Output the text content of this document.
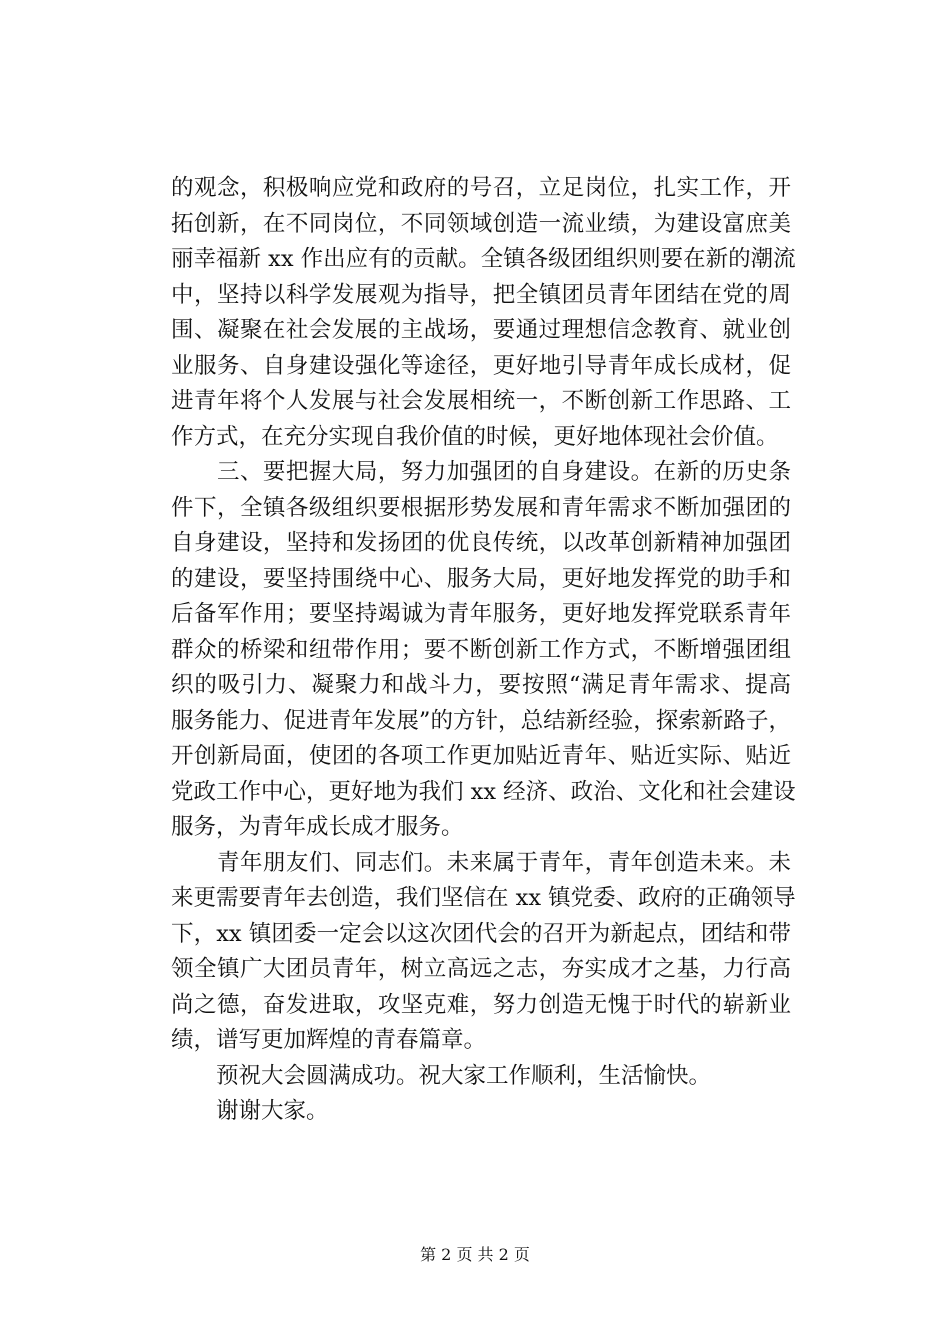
的观念，积极响应党和政府的号召，立足岗位，扎实工作，开
拓创新，在不同岗位，不同领域创造一流业绩，为建设富庶美
丽幸福新 xx 作出应有的贡献。全镇各级团组织则要在新的潮流
中，坚持以科学发展观为指导，把全镇团员青年团结在党的周
围、凝聚在社会发展的主战场，要通过理想信念教育、就业创
业服务、自身建设强化等途径，更好地引导青年成长成材，促
进青年将个人发展与社会发展相统一，不断创新工作思路、工
作方式，在充分实现自我价值的时候，更好地体现社会价值。
　　三、要把握大局，努力加强团的自身建设。在新的历史条
件下，全镇各级组织要根据形势发展和青年需求不断加强团的
自身建设，坚持和发扬团的优良传统，以改革创新精神加强团
的建设，要坚持围绕中心、服务大局，更好地发挥党的助手和
后备军作用；要坚持竭诚为青年服务，更好地发挥党联系青年
群众的桥梁和纽带作用；要不断创新工作方式，不断增强团组
织的吸引力、凝聚力和战斗力，要按照“满足青年需求、提高
服务能力、促进青年发展”的方针，总结新经验，探索新路子，
开创新局面，使团的各项工作更加贴近青年、贴近实际、贴近
党政工作中心，更好地为我们 xx 经济、政治、文化和社会建设
服务，为青年成长成才服务。
　　青年朋友们、同志们。未来属于青年，青年创造未来。未
来更需要青年去创造，我们坚信在 xx 镇党委、政府的正确领导
下，xx 镇团委一定会以这次团代会的召开为新起点，团结和带
领全镇广大团员青年，树立高远之志，夯实成才之基，力行高
尚之德，奋发进取，攻坚克难，努力创造无愧于时代的崭新业
绩，谱写更加辉煌的青春篇章。
　　预祝大会圆满成功。祝大家工作顺利，生活愉快。
　　谢谢大家。
第 2 页 共 2 页
